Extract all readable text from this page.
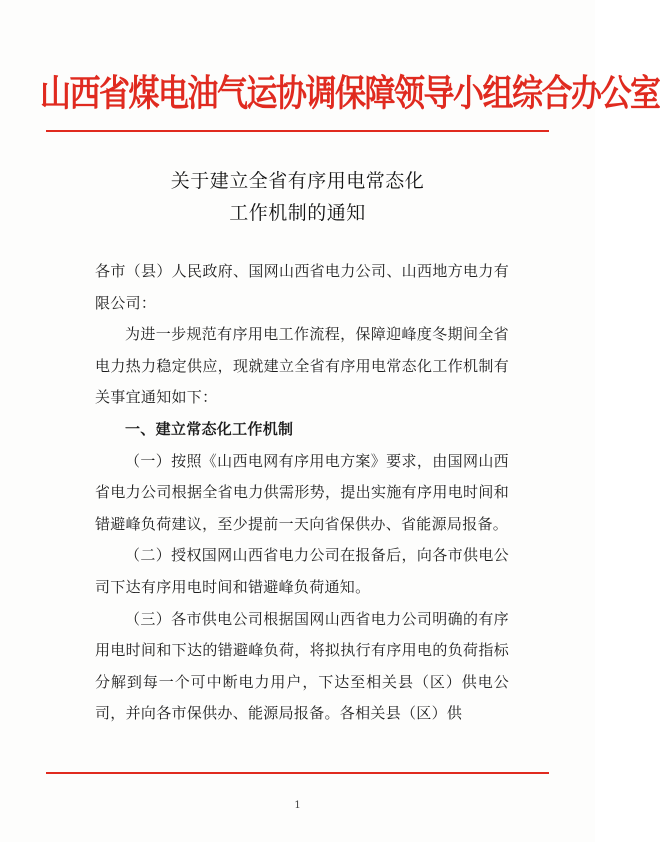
山西省煤电油气运协调保障领导小组综合办公室
关于建立全省有序用电常态化
工作机制的通知

各市（县）人民政府、国网山西省电力公司、山西地方电力有限公司：

为进一步规范有序用电工作流程，保障迎峰度冬期间全省电力热力稳定供应，现就建立全省有序用电常态化工作机制有关事宜通知如下：

一、建立常态化工作机制

（一）按照《山西电网有序用电方案》要求，由国网山西省电力公司根据全省电力供需形势，提出实施有序用电时间和错避峰负荷建议，至少提前一天向省保供办、省能源局报备。

（二）授权国网山西省电力公司在报备后，向各市供电公司下达有序用电时间和错避峰负荷通知。

（三）各市供电公司根据国网山西省电力公司明确的有序用电时间和下达的错避峰负荷，将拟执行有序用电的负荷指标分解到每一个可中断电力用户，下达至相关县（区）供电公司，并向各市保供办、能源局报备。各相关县（区）供

1
